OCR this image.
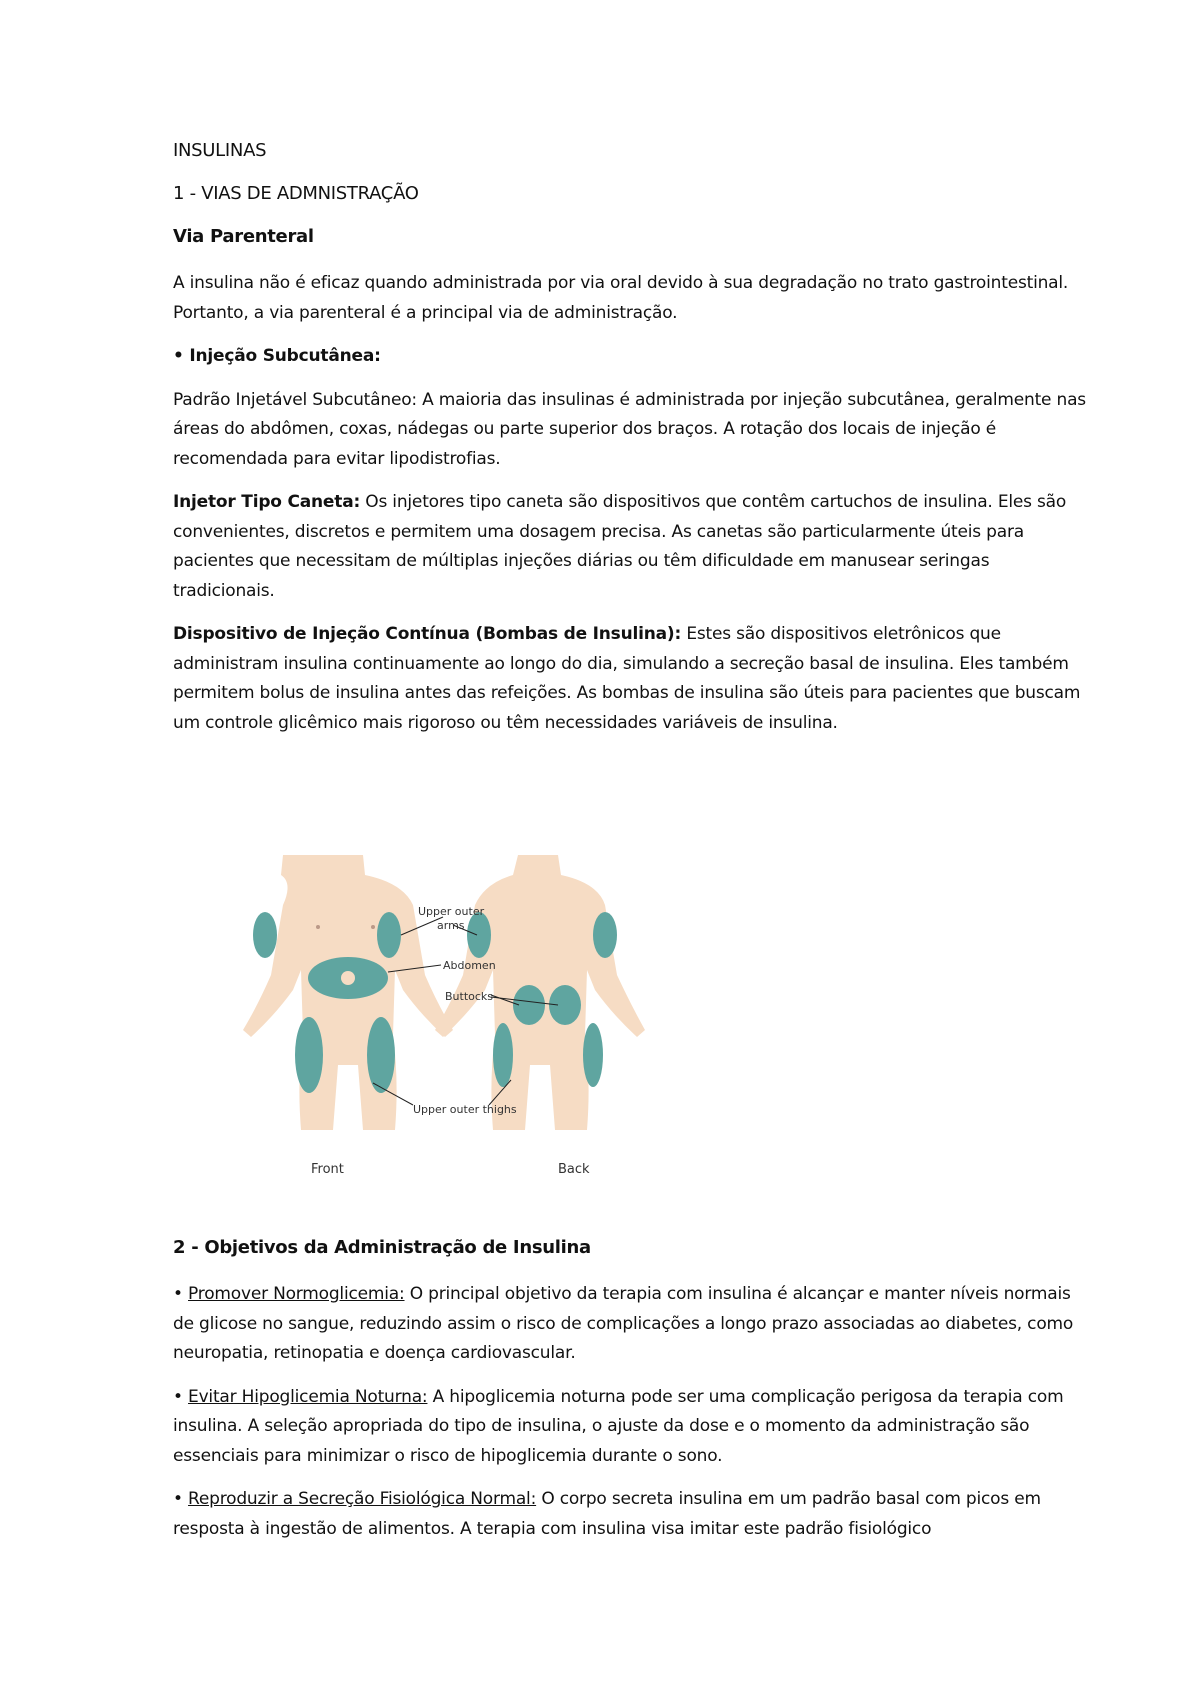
INSULINAS
1 - VIAS DE ADMNISTRAÇÃO
Via Parenteral

A insulina não é eficaz quando administrada por via oral devido à sua degradação no trato gastrointestinal. Portanto, a via parenteral é a principal via de administração.

• Injeção Subcutânea:

Padrão Injetável Subcutâneo: A maioria das insulinas é administrada por injeção subcutânea, geralmente nas áreas do abdômen, coxas, nádegas ou parte superior dos braços. A rotação dos locais de injeção é recomendada para evitar lipodistrofias.

Injetor Tipo Caneta: Os injetores tipo caneta são dispositivos que contêm cartuchos de insulina. Eles são convenientes, discretos e permitem uma dosagem precisa. As canetas são particularmente úteis para pacientes que necessitam de múltiplas injeções diárias ou têm dificuldade em manusear seringas tradicionais.

Dispositivo de Injeção Contínua (Bombas de Insulina): Estes são dispositivos eletrônicos que administram insulina continuamente ao longo do dia, simulando a secreção basal de insulina. Eles também permitem bolus de insulina antes das refeições. As bombas de insulina são úteis para pacientes que buscam um controle glicêmico mais rigoroso ou têm necessidades variáveis de insulina.

Upper outer
arms
Abdomen
Buttocks
Upper outer thighs
Front	Back
2 - Objetivos da Administração de Insulina

• Promover Normoglicemia: O principal objetivo da terapia com insulina é alcançar e manter níveis normais de glicose no sangue, reduzindo assim o risco de complicações a longo prazo associadas ao diabetes, como neuropatia, retinopatia e doença cardiovascular.

• Evitar Hipoglicemia Noturna: A hipoglicemia noturna pode ser uma complicação perigosa da terapia com insulina. A seleção apropriada do tipo de insulina, o ajuste da dose e o momento da administração são essenciais para minimizar o risco de hipoglicemia durante o sono.

• Reproduzir a Secreção Fisiológica Normal: O corpo secreta insulina em um padrão basal com picos em resposta à ingestão de alimentos. A terapia com insulina visa imitar este padrão fisiológico
